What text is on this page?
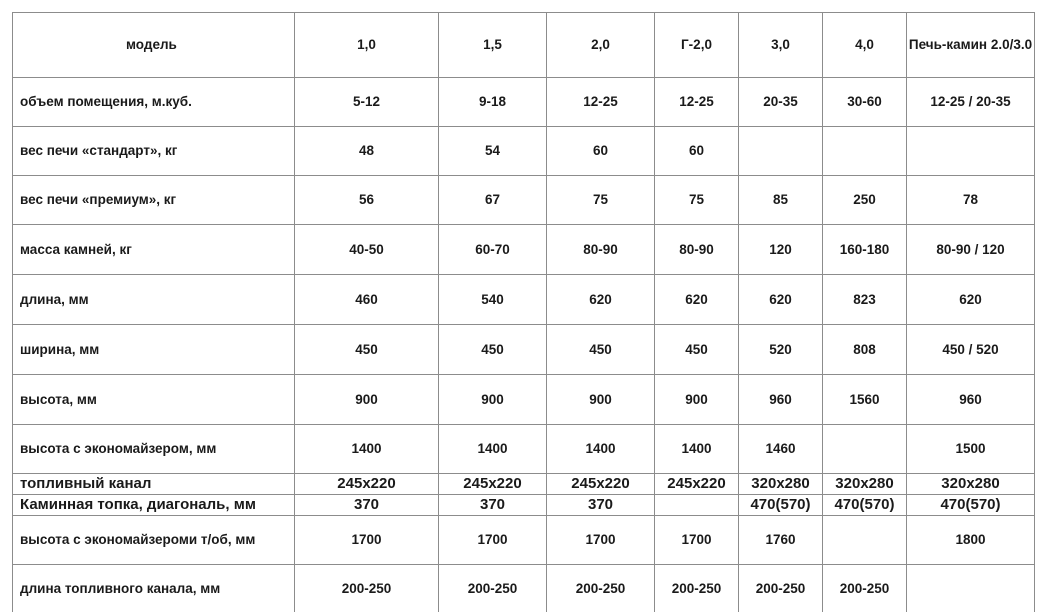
модель	1,0	1,5	2,0	Г-2,0	3,0	4,0	Печь-камин 2.0/3.0
объем помещения, м.куб.	5-12	9-18	12-25	12-25	20-35	30-60	12-25 / 20-35
вес печи «стандарт», кг	48	54	60	60			
вес печи «премиум», кг	56	67	75	75	85	250	78
масса камней, кг	40-50	60-70	80-90	80-90	120	160-180	80-90 / 120
длина, мм	460	540	620	620	620	823	620
ширина, мм	450	450	450	450	520	808	450 / 520
высота, мм	900	900	900	900	960	1560	960
высота с экономайзером, мм	1400	1400	1400	1400	1460		1500
топливный канал	245x220	245x220	245x220	245x220	320x280	320x280	320x280
Каминная топка, диагональ, мм	370	370	370		470(570)	470(570)	470(570)
высота с экономайзероми т/об, мм	1700	1700	1700	1700	1760		1800
длина топливного канала, мм	200-250	200-250	200-250	200-250	200-250	200-250	
